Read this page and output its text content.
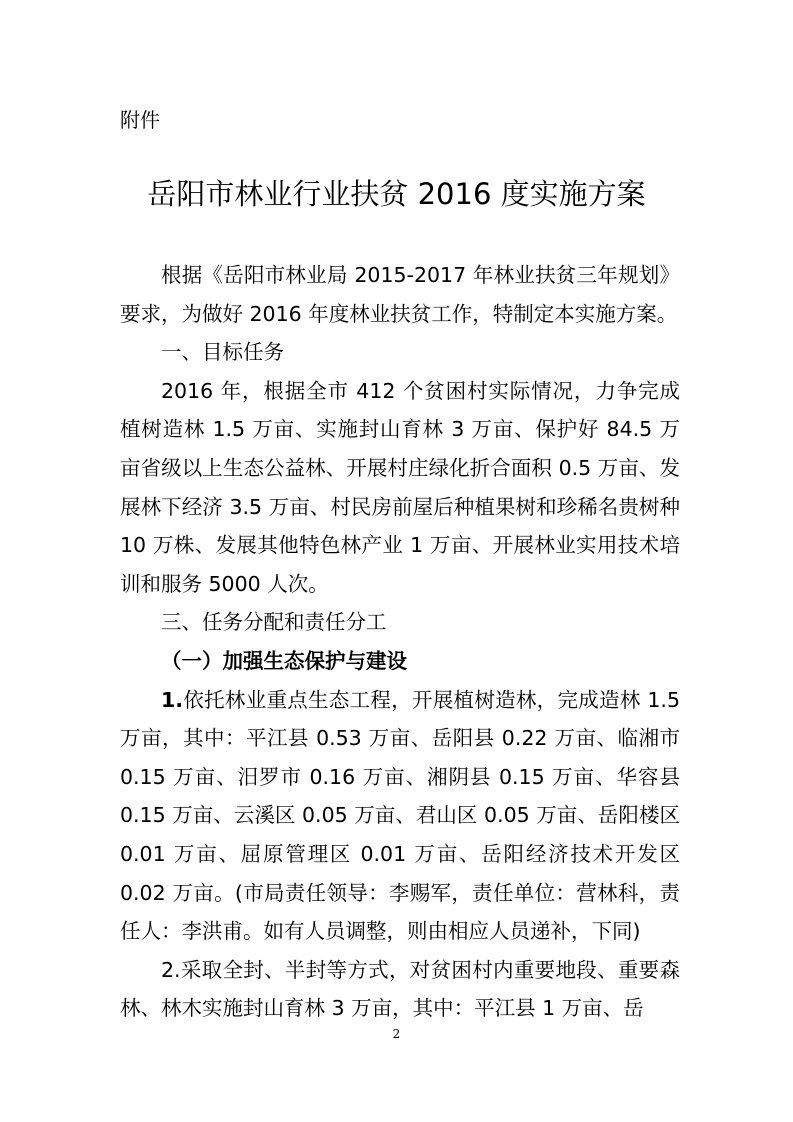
附件
岳阳市林业行业扶贫 2016 度实施方案

根据《岳阳市林业局 2015-2017 年林业扶贫三年规划》要求，为做好 2016 年度林业扶贫工作，特制定本实施方案。

一、目标任务

2016 年，根据全市 412 个贫困村实际情况，力争完成植树造林 1.5 万亩、实施封山育林 3 万亩、保护好 84.5 万亩省级以上生态公益林、开展村庄绿化折合面积 0.5 万亩、发展林下经济 3.5 万亩、村民房前屋后种植果树和珍稀名贵树种 10 万株、发展其他特色林产业 1 万亩、开展林业实用技术培训和服务 5000 人次。

三、任务分配和责任分工

（一）加强生态保护与建设

1.依托林业重点生态工程，开展植树造林，完成造林 1.5 万亩，其中：平江县 0.53 万亩、岳阳县 0.22 万亩、临湘市 0.15 万亩、汨罗市 0.16 万亩、湘阴县 0.15 万亩、华容县 0.15 万亩、云溪区 0.05 万亩、君山区 0.05 万亩、岳阳楼区 0.01 万亩、屈原管理区 0.01 万亩、岳阳经济技术开发区 0.02 万亩。(市局责任领导：李赐军，责任单位：营林科，责任人：李洪甫。如有人员调整，则由相应人员递补，下同)

2.采取全封、半封等方式，对贫困村内重要地段、重要森林、林木实施封山育林 3 万亩，其中：平江县 1 万亩、岳

2
